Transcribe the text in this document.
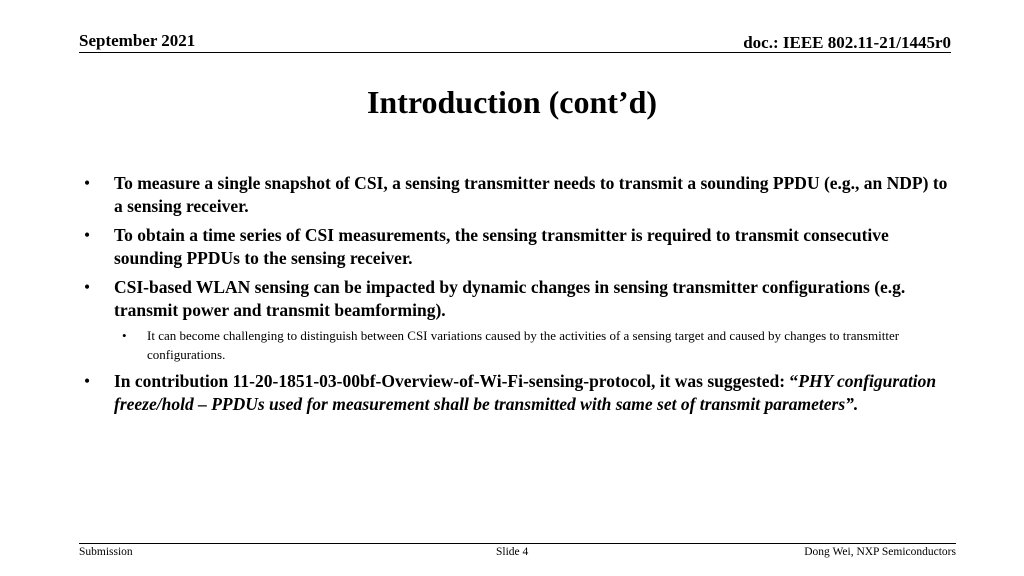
September 2021	doc.: IEEE 802.11-21/1445r0
Introduction (cont’d)
• To measure a single snapshot of CSI, a sensing transmitter needs to transmit a sounding PPDU (e.g., an NDP) to a sensing receiver.
• To obtain a time series of CSI measurements, the sensing transmitter is required to transmit consecutive sounding PPDUs to the sensing receiver.
• CSI-based WLAN sensing can be impacted by dynamic changes in sensing transmitter configurations (e.g. transmit power and transmit beamforming).
• It can become challenging to distinguish between CSI variations caused by the activities of a sensing target and caused by changes to transmitter configurations.
• In contribution 11-20-1851-03-00bf-Overview-of-Wi-Fi-sensing-protocol, it was suggested: “PHY configuration freeze/hold – PPDUs used for measurement shall be transmitted with same set of transmit parameters”.
Submission	Slide 4	Dong Wei, NXP Semiconductors
